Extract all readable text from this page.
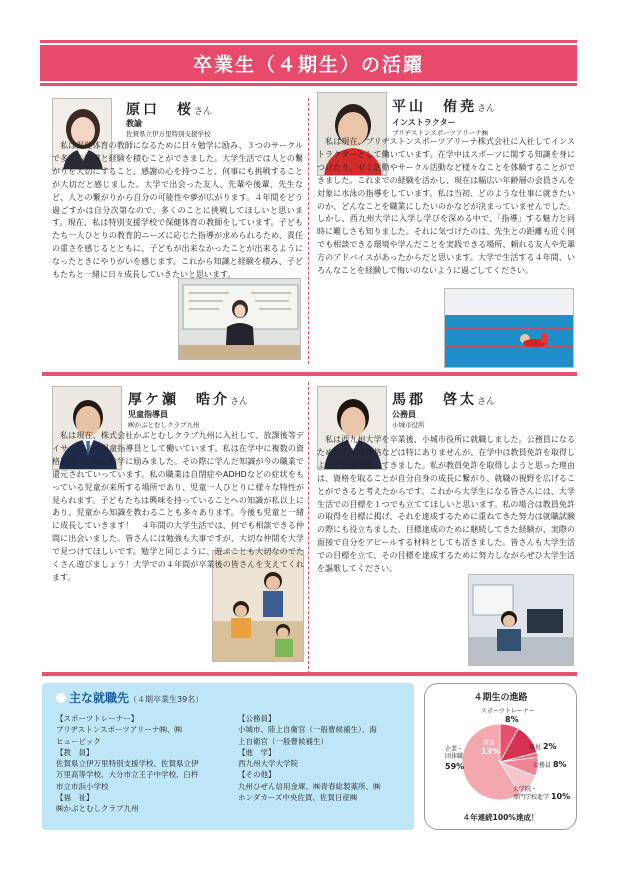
卒業生（４期生）の活躍
原口　桜さん
教諭
佐賀県立伊万里特別支援学校
　私は保健体育の教師になるために日々勉学に励み、３つのサークルで多くの知識と経験を積むことができました。大学生活では人との繋がりを大切にすること、感謝の心を持つこと、何事にも挑戦することが大切だと感じました。大学で出会った友人、先輩や後輩、先生など、人との繋がりから自分の可能性や夢が広がります。４年間をどう過ごすかは自分次第なので、多くのことに挑戦してほしいと思います。現在、私は特別支援学校で保健体育の教師をしています。子どもたち一人ひとりの教育的ニーズに応じた指導が求められるため、責任の重さを感じるとともに、子どもが出来なかったことが出来るようになったときにやりがいを感じます。これから知識と経験を積み、子どもたちと一緒に日々成長していきたいと思います。
平山　侑尭さん
インストラクター
ブリヂストンスポーツアリーナ㈱
　私は現在、ブリヂストンスポーツアリーナ株式会社に入社してインストラクターとして働いています。在学中はスポーツに関する知識を身につけたり、ゼミ活動やサークル活動など様々なことを体験することができました。これまでの経験を活かし、現在は幅広い年齢層の会員さんを対象に水泳の指導をしています。私は当初、どのような仕事に就きたいのか、どんなことを職業にしたいのかなどが決まっていませんでした。しかし、西九州大学に入学し学びを深める中で、「指導」する魅力と同時に難しさも知りました。それに気づけたのは、先生との距離も近く何でも相談できる環境や学んだことを実践できる場所、頼れる友人や先輩方のアドバイスがあったからだと思います。大学で生活する４年間、いろんなことを経験して悔いのないように過ごしてください。
厚ケ瀬　晧介さん
児童指導員
㈱かぶとむしクラブ九州
　私は現在、株式会社かぶとむしクラブ九州に入社して、放課後等デイサービスの児童指導員として働いています。私は在学中に複数の資格取得のために勉学に励みました。その際に学んだ知識が今の職業で還元されていっています。私の職業は自閉症やADHDなどの症状をもっている児童が来所する場所であり、児童一人ひとりに様々な特性が見られます。子どもたちは興味を持っていることへの知識が私以上にあり、児童から知識を教わることも多々あります。今後も児童と一緒に成長していきます！　４年間の大学生活では、何でも相談できる仲間に出会いました。皆さんには勉強も大事ですが、大切な仲間を大学で見つけてほしいです。勉学と同じように、遊ぶことも大切なのでたくさん遊びましょう！大学での４年間が卒業後の皆さんを支えてくれます。
馬郡　啓太さん
公務員
小城市役所
　私は西九州大学を卒業後、小城市役所に就職しました。公務員になるために必要な資格などは特にありませんが、在学中は教員免許を取得しようと日々学習してきました。私が教員免許を取得しようと思った理由は、資格を取ることが自分自身の成長に繋がり、就職の視野を広げることができると考えたからです。これから大学生になる皆さんには、大学生活での目標を１つでも立ててほしいと思います。私の場合は教員免許の取得を目標に掲げ、それを達成するために重ねてきた努力は就職試験の際にも役立ちました。目標達成のために継続してきた経験が、実際の面接で自分をアピールする材料としても活きました。皆さんも大学生活での目標を立て、その目標を達成するために努力しながらぜひ大学生活を謳歌してください。
主な就職先（４期卒業生39名）
【スポーツトレーナー】
ブリヂストンスポーツアリーナ㈱、㈱
ヒュービック
【教　員】
佐賀県立伊万里特別支援学校、佐賀県立伊
万里高等学校、大分市立王子中学校、臼杵
市立市浜小学校
【福　祉】
㈱かぶとむしクラブ九州
【公務員】
小城市、陸上自衛官（一般曹候補生）、海
上自衛官（一般曹候補生）
【進　学】
西九州大学大学院
【その他】
九州ひぜん信用金庫、㈱青春総製薬所、㈱
ホンダカーズ中央佐賀、佐賀日産㈱
４期生の進路
スポーツトレーナー
8%
教員
13%	福祉 2%
公務員 8%
大学院・
専門学校進学 10%
企業・
団体職
59%
４年連続100%達成！
